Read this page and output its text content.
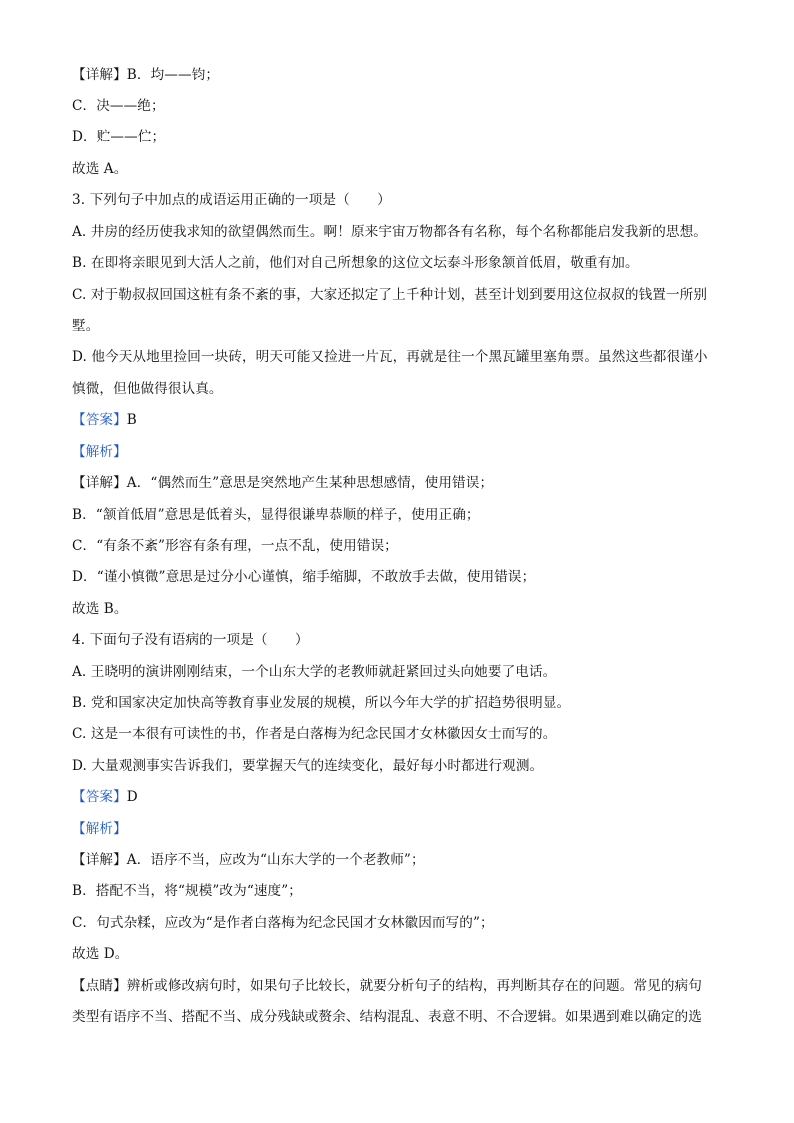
【详解】B．均——钧；
C．决——绝；
D．贮——伫；
故选 A。
3. 下列句子中加点的成语运用正确的一项是（　　）
A. 井房的经历使我求知的欲望偶然而生。啊！原来宇宙万物都各有名称，每个名称都能启发我新的思想。
B. 在即将亲眼见到大活人之前，他们对自己所想象的这位文坛泰斗形象颔首低眉，敬重有加。
C. 对于勒叔叔回国这桩有条不紊的事，大家还拟定了上千种计划，甚至计划到要用这位叔叔的钱置一所别
墅。
D. 他今天从地里捡回一块砖，明天可能又捡进一片瓦，再就是往一个黑瓦罐里塞角票。虽然这些都很谨小
慎微，但他做得很认真。
【答案】B
【解析】
【详解】A．“偶然而生”意思是突然地产生某种思想感情，使用错误；
B．“颔首低眉”意思是低着头，显得很谦卑恭顺的样子，使用正确；
C．“有条不紊”形容有条有理，一点不乱，使用错误；
D．“谨小慎微”意思是过分小心谨慎，缩手缩脚，不敢放手去做，使用错误；
故选 B。
4. 下面句子没有语病的一项是（　　）
A. 王晓明的演讲刚刚结束，一个山东大学的老教师就赶紧回过头向她要了电话。
B. 党和国家决定加快高等教育事业发展的规模，所以今年大学的扩招趋势很明显。
C. 这是一本很有可读性的书，作者是白落梅为纪念民国才女林徽因女士而写的。
D. 大量观测事实告诉我们，要掌握天气的连续变化，最好每小时都进行观测。
【答案】D
【解析】
【详解】A．语序不当，应改为“山东大学的一个老教师”；
B．搭配不当，将“规模”改为“速度”；
C．句式杂糅，应改为“是作者白落梅为纪念民国才女林徽因而写的”；
故选 D。
【点睛】辨析或修改病句时，如果句子比较长，就要分析句子的结构，再判断其存在的问题。常见的病句
类型有语序不当、搭配不当、成分残缺或赘余、结构混乱、表意不明、不合逻辑。如果遇到难以确定的选
